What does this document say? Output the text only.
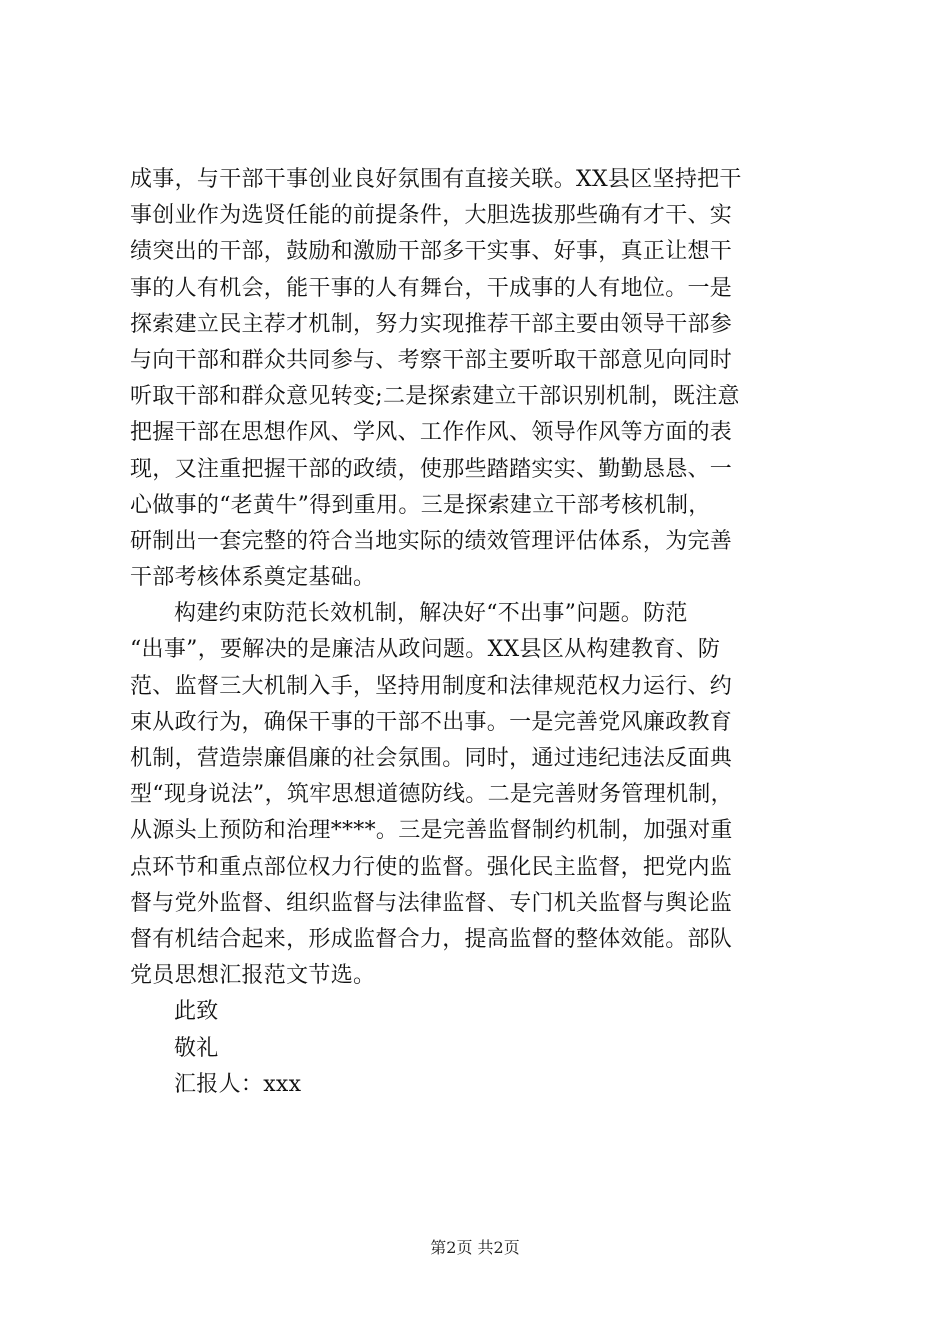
成事，与干部干事创业良好氛围有直接关联。XX县区坚持把干
事创业作为选贤任能的前提条件，大胆选拔那些确有才干、实
绩突出的干部，鼓励和激励干部多干实事、好事，真正让想干
事的人有机会，能干事的人有舞台，干成事的人有地位。一是
探索建立民主荐才机制，努力实现推荐干部主要由领导干部参
与向干部和群众共同参与、考察干部主要听取干部意见向同时
听取干部和群众意见转变;二是探索建立干部识别机制，既注意
把握干部在思想作风、学风、工作作风、领导作风等方面的表
现，又注重把握干部的政绩，使那些踏踏实实、勤勤恳恳、一
心做事的“老黄牛”得到重用。三是探索建立干部考核机制，
研制出一套完整的符合当地实际的绩效管理评估体系，为完善
干部考核体系奠定基础。
构建约束防范长效机制，解决好“不出事”问题。防范
“出事”，要解决的是廉洁从政问题。XX县区从构建教育、防
范、监督三大机制入手，坚持用制度和法律规范权力运行、约
束从政行为，确保干事的干部不出事。一是完善党风廉政教育
机制，营造崇廉倡廉的社会氛围。同时，通过违纪违法反面典
型“现身说法”，筑牢思想道德防线。二是完善财务管理机制，
从源头上预防和治理****。三是完善监督制约机制，加强对重
点环节和重点部位权力行使的监督。强化民主监督，把党内监
督与党外监督、组织监督与法律监督、专门机关监督与舆论监
督有机结合起来，形成监督合力，提高监督的整体效能。部队
党员思想汇报范文节选。
此致
敬礼
汇报人：xxx
第2页 共2页
